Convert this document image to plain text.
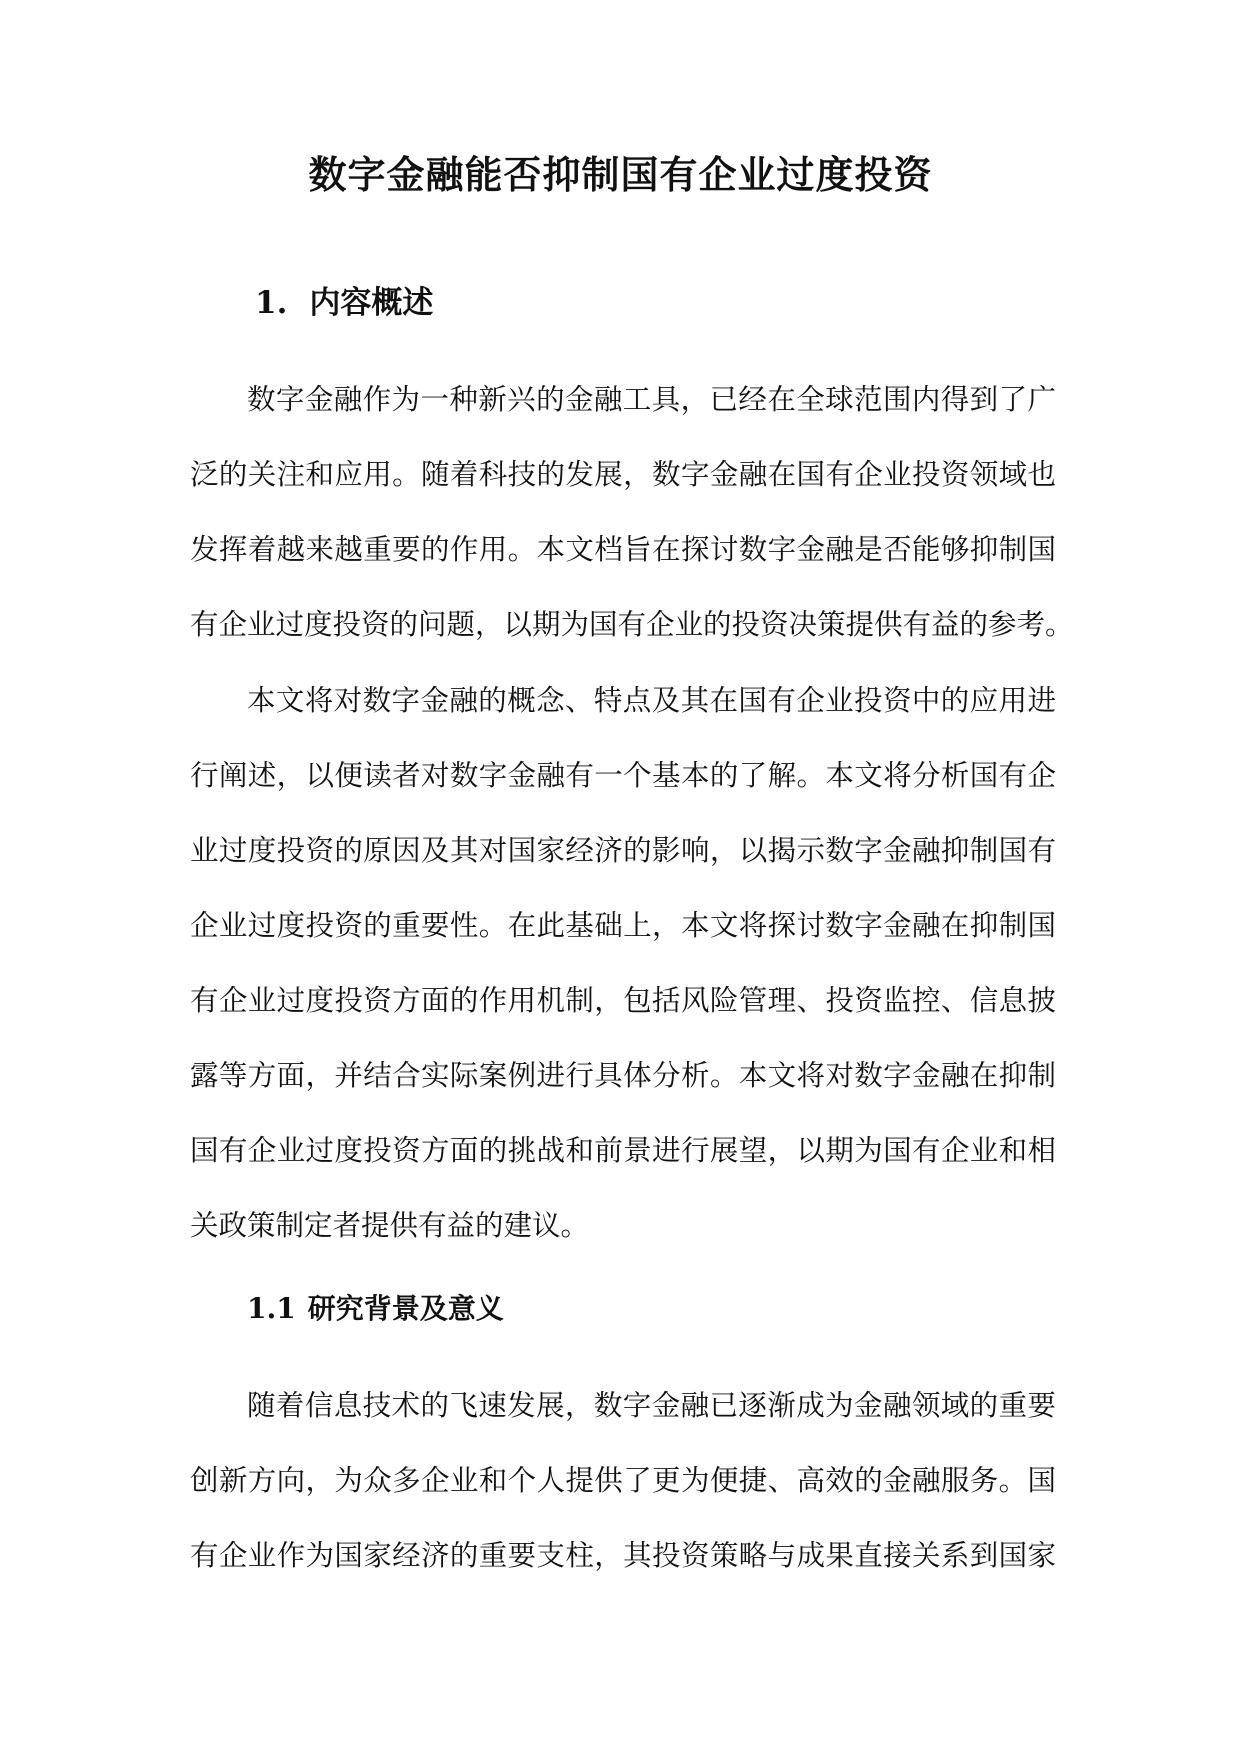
数字金融能否抑制国有企业过度投资
1. 内容概述

数字金融作为一种新兴的金融工具，已经在全球范围内得到了广
泛的关注和应用。随着科技的发展，数字金融在国有企业投资领域也
发挥着越来越重要的作用。本文档旨在探讨数字金融是否能够抑制国
有企业过度投资的问题，以期为国有企业的投资决策提供有益的参考。

本文将对数字金融的概念、特点及其在国有企业投资中的应用进
行阐述，以便读者对数字金融有一个基本的了解。本文将分析国有企
业过度投资的原因及其对国家经济的影响，以揭示数字金融抑制国有
企业过度投资的重要性。在此基础上，本文将探讨数字金融在抑制国
有企业过度投资方面的作用机制，包括风险管理、投资监控、信息披
露等方面，并结合实际案例进行具体分析。本文将对数字金融在抑制
国有企业过度投资方面的挑战和前景进行展望，以期为国有企业和相
关政策制定者提供有益的建议。

1.1 研究背景及意义

随着信息技术的飞速发展，数字金融已逐渐成为金融领域的重要
创新方向，为众多企业和个人提供了更为便捷、高效的金融服务。国
有企业作为国家经济的重要支柱，其投资策略与成果直接关系到国家
